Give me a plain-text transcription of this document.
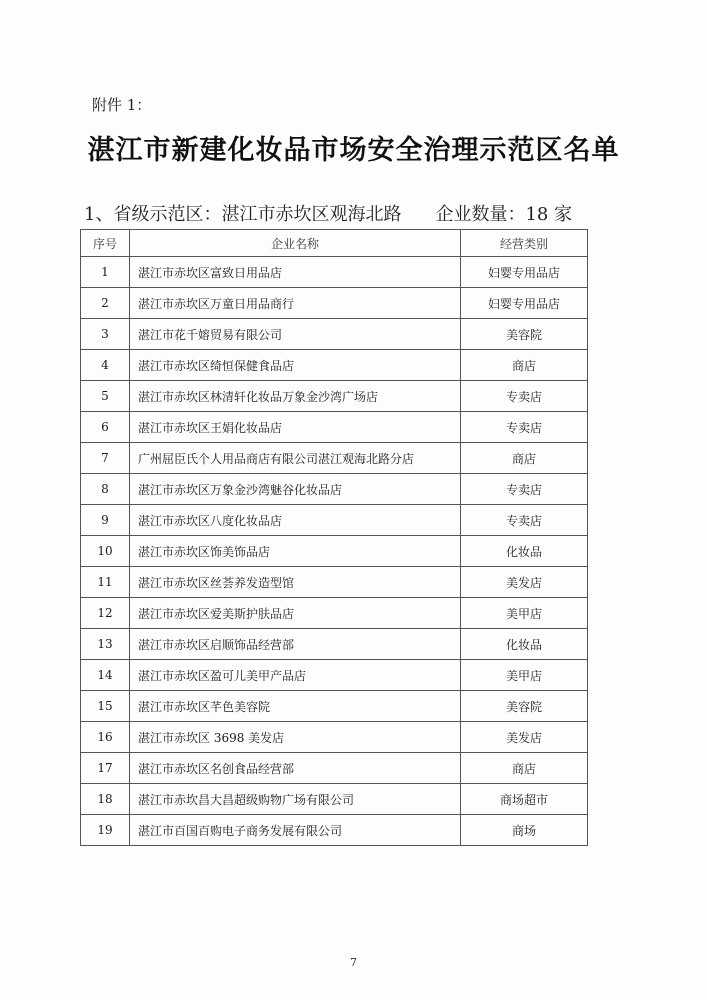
附件 1：
湛江市新建化妆品市场安全治理示范区名单
1、省级示范区：湛江市赤坎区观海北路 企业数量：18 家
序号	企业名称	经营类别
1	湛江市赤坎区富致日用品店	妇婴专用品店
2	湛江市赤坎区万童日用品商行	妇婴专用品店
3	湛江市花千嫆贸易有限公司	美容院
4	湛江市赤坎区绮恒保健食品店	商店
5	湛江市赤坎区林清轩化妆品万象金沙湾广场店	专卖店
6	湛江市赤坎区王娟化妆品店	专卖店
7	广州屈臣氏个人用品商店有限公司湛江观海北路分店	商店
8	湛江市赤坎区万象金沙湾魅谷化妆品店	专卖店
9	湛江市赤坎区八度化妆品店	专卖店
10	湛江市赤坎区饰美饰品店	化妆品
11	湛江市赤坎区丝荟养发造型馆	美发店
12	湛江市赤坎区爱美斯护肤品店	美甲店
13	湛江市赤坎区启顺饰品经营部	化妆品
14	湛江市赤坎区盈可儿美甲产品店	美甲店
15	湛江市赤坎区芊色美容院	美容院
16	湛江市赤坎区 3698 美发店	美发店
17	湛江市赤坎区名创食品经营部	商店
18	湛江市赤坎昌大昌超级购物广场有限公司	商场超市
19	湛江市百国百购电子商务发展有限公司	商场
7
